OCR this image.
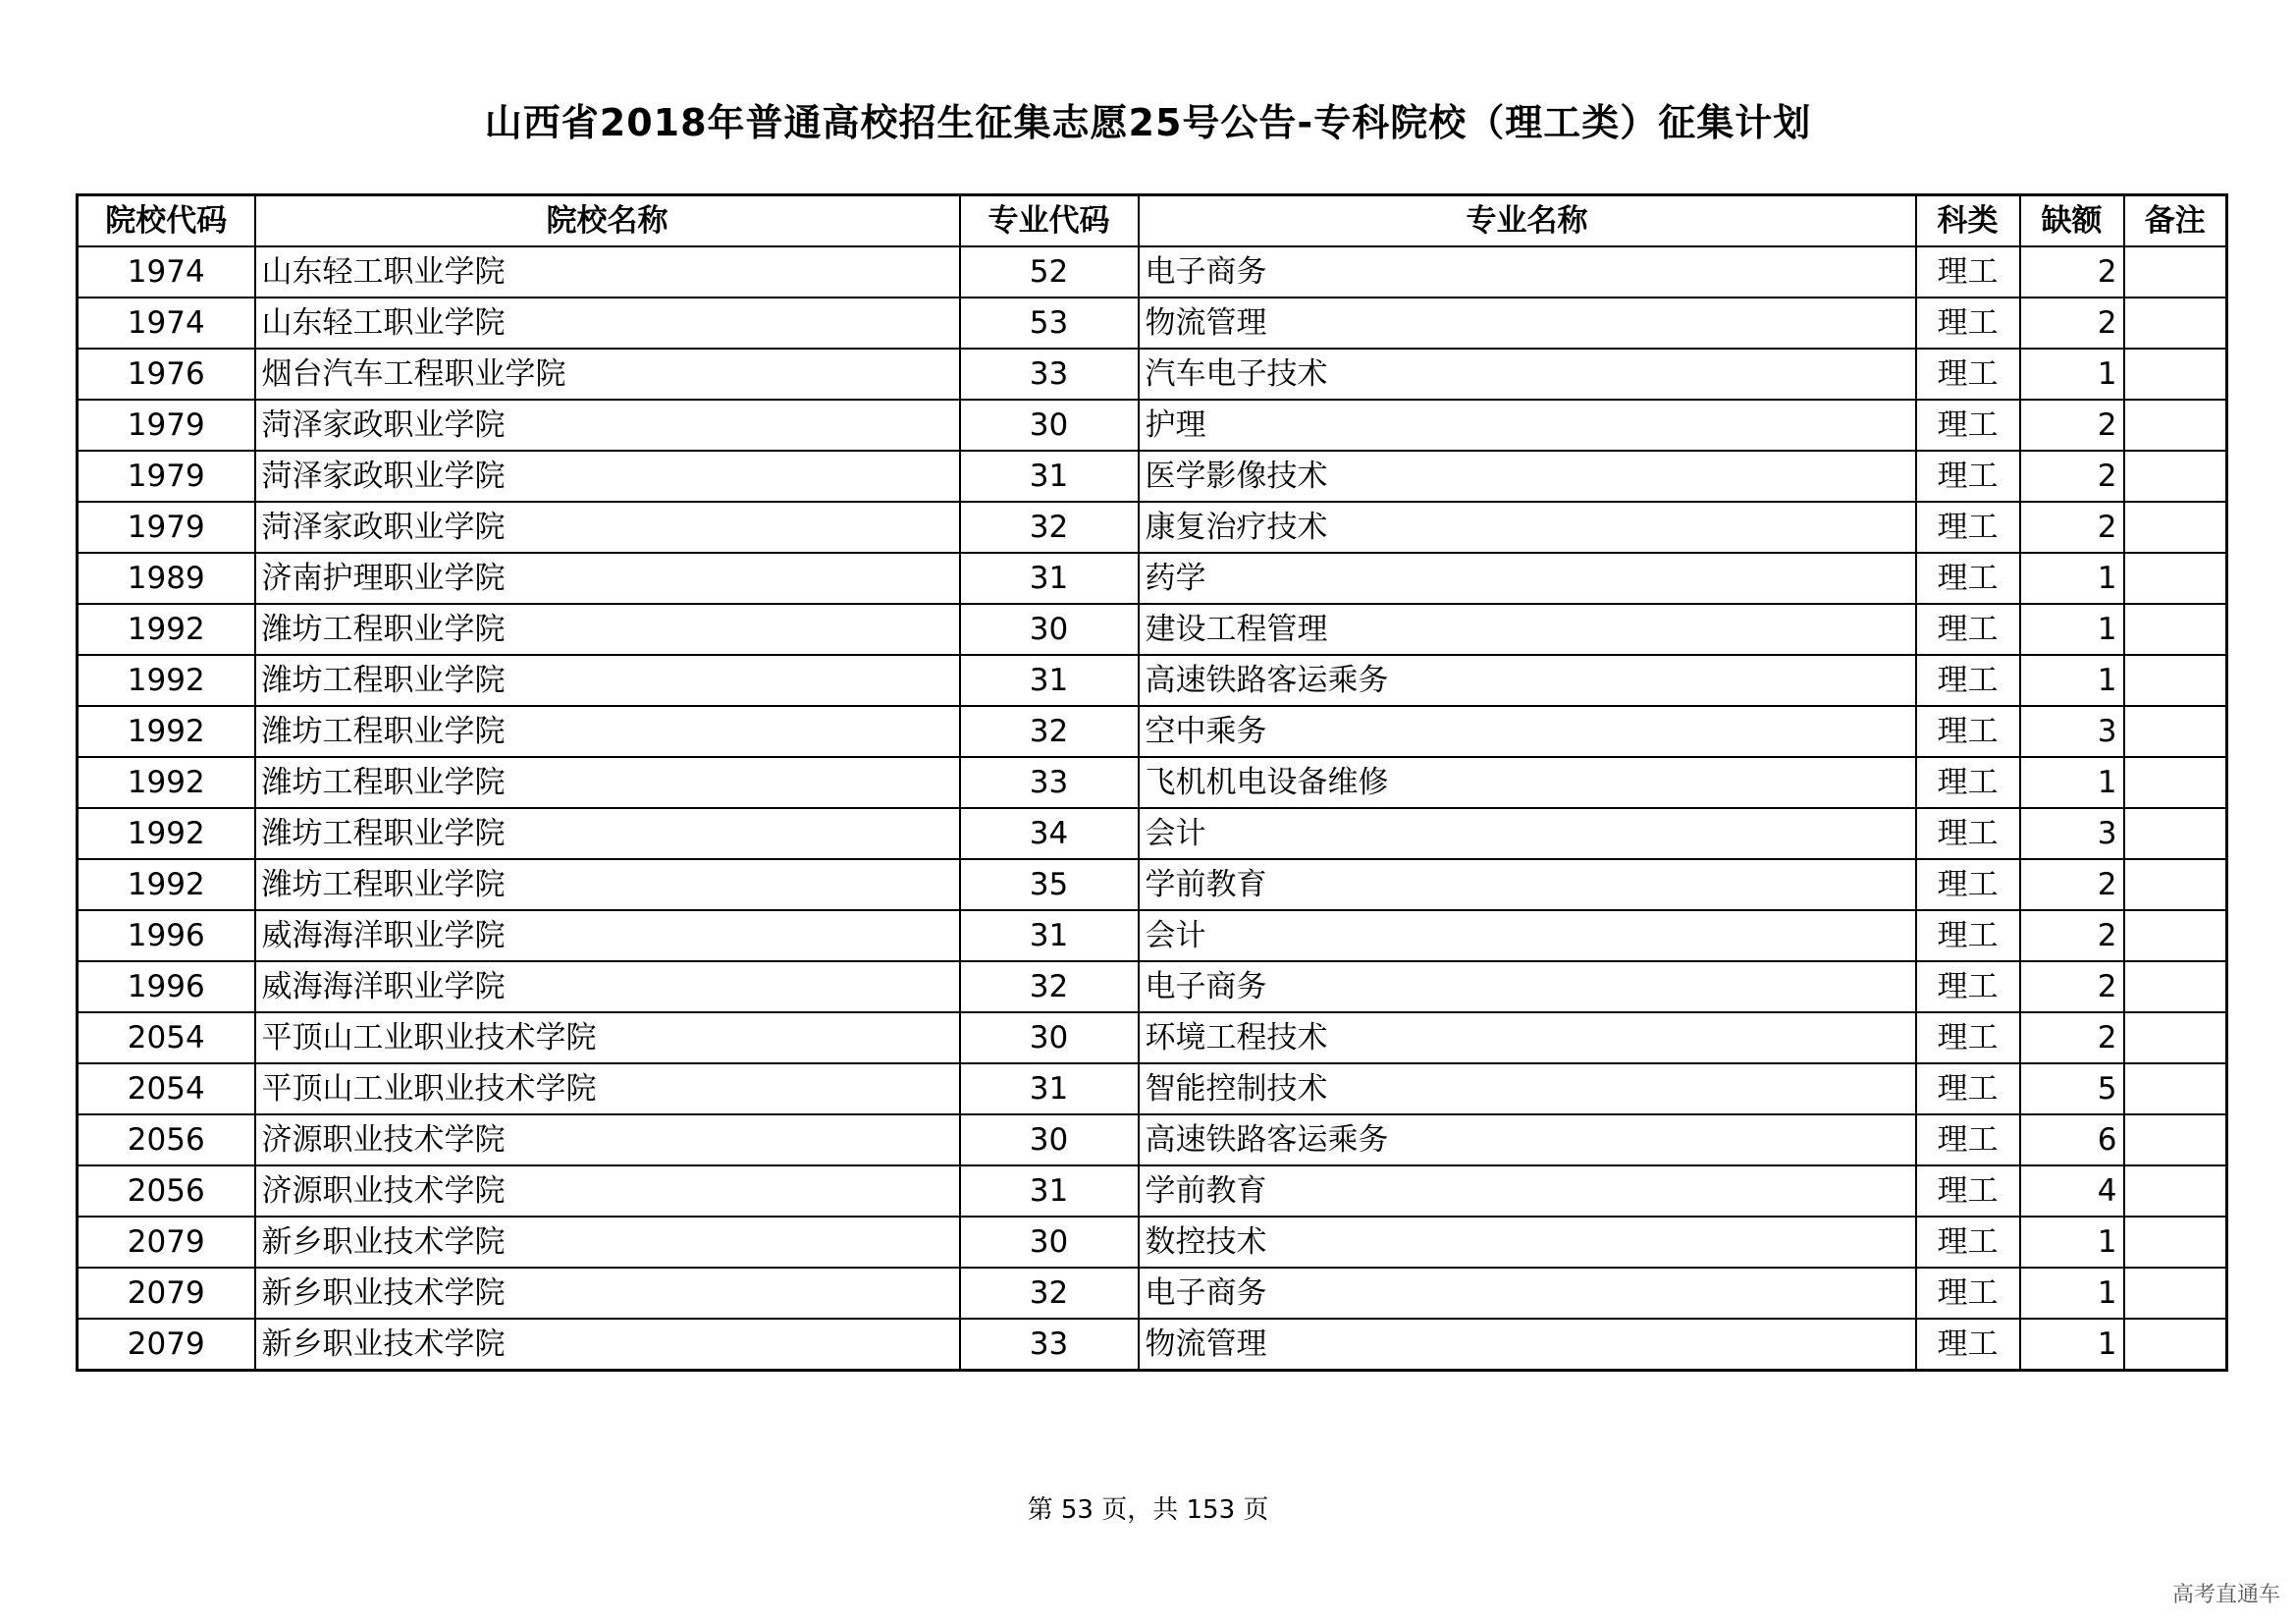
山西省2018年普通高校招生征集志愿25号公告-专科院校（理工类）征集计划
院校代码	院校名称	专业代码	专业名称	科类	缺额	备注
1974	山东轻工职业学院	52	电子商务	理工	2	
1974	山东轻工职业学院	53	物流管理	理工	2	
1976	烟台汽车工程职业学院	33	汽车电子技术	理工	1	
1979	菏泽家政职业学院	30	护理	理工	2	
1979	菏泽家政职业学院	31	医学影像技术	理工	2	
1979	菏泽家政职业学院	32	康复治疗技术	理工	2	
1989	济南护理职业学院	31	药学	理工	1	
1992	潍坊工程职业学院	30	建设工程管理	理工	1	
1992	潍坊工程职业学院	31	高速铁路客运乘务	理工	1	
1992	潍坊工程职业学院	32	空中乘务	理工	3	
1992	潍坊工程职业学院	33	飞机机电设备维修	理工	1	
1992	潍坊工程职业学院	34	会计	理工	3	
1992	潍坊工程职业学院	35	学前教育	理工	2	
1996	威海海洋职业学院	31	会计	理工	2	
1996	威海海洋职业学院	32	电子商务	理工	2	
2054	平顶山工业职业技术学院	30	环境工程技术	理工	2	
2054	平顶山工业职业技术学院	31	智能控制技术	理工	5	
2056	济源职业技术学院	30	高速铁路客运乘务	理工	6	
2056	济源职业技术学院	31	学前教育	理工	4	
2079	新乡职业技术学院	30	数控技术	理工	1	
2079	新乡职业技术学院	32	电子商务	理工	1	
2079	新乡职业技术学院	33	物流管理	理工	1	
第 53 页，共 153 页
高考直通车
